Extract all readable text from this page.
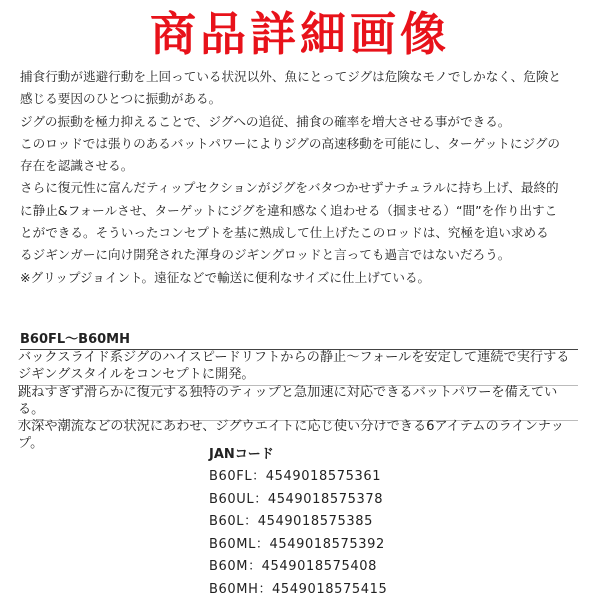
商品詳細画像

捕食行動が逃避行動を上回っている状況以外、魚にとってジグは危険なモノでしかなく、危険と

感じる要因のひとつに振動がある。

ジグの振動を極力抑えることで、ジグへの追従、捕食の確率を増大させる事ができる。

このロッドでは張りのあるバットパワーによりジグの高速移動を可能にし、ターゲットにジグの

存在を認識させる。

さらに復元性に富んだティップセクションがジグをバタつかせずナチュラルに持ち上げ、最終的

に静止&フォールさせ、ターゲットにジグを違和感なく追わせる（掴ませる）“間”を作り出すこ

とができる。そういったコンセプトを基に熟成して仕上げたこのロッドは、究極を追い求める

るジギンガーに向け開発された渾身のジギングロッドと言っても過言ではないだろう。

※グリップジョイント。遠征などで輸送に便利なサイズに仕上げている。

B60FL～B60MH
バックスライド系ジグのハイスピードリフトからの静止～フォールを安定して連続で実行するジギングスタイルをコンセプトに開発。
跳ねすぎず滑らかに復元する独特のティップと急加速に対応できるバットパワーを備えている。
水深や潮流などの状況にあわせ、ジグウエイトに応じ使い分けできる6アイテムのラインナップ。
JANコード
B60FL：4549018575361
B60UL：4549018575378
B60L：4549018575385
B60ML：4549018575392
B60M：4549018575408
B60MH：4549018575415
